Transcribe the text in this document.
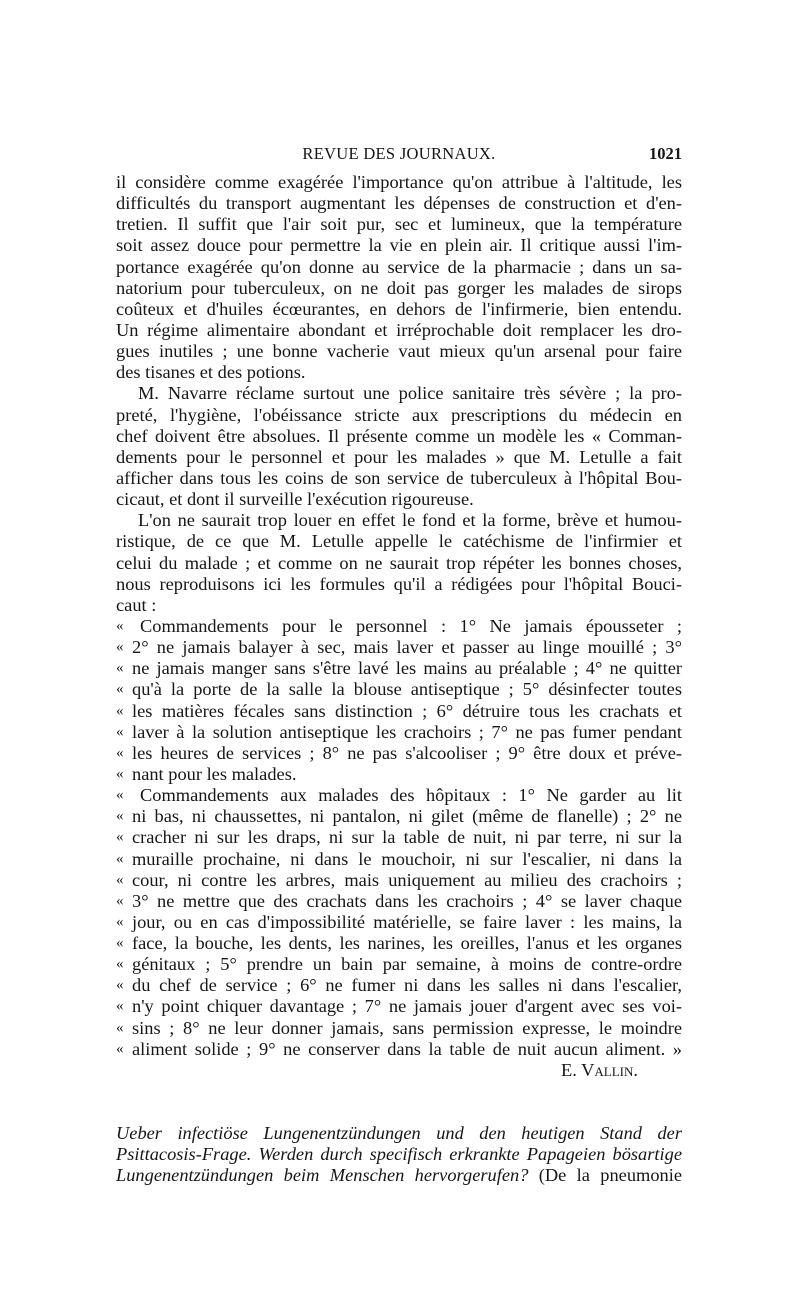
REVUE DES JOURNAUX.	1021
il considère comme exagérée l'importance qu'on attribue à l'altitude, les
difficultés du transport augmentant les dépenses de construction et d'en-
tretien. Il suffit que l'air soit pur, sec et lumineux, que la température
soit assez douce pour permettre la vie en plein air. Il critique aussi l'im-
portance exagérée qu'on donne au service de la pharmacie ; dans un sa-
natorium pour tuberculeux, on ne doit pas gorger les malades de sirops
coûteux et d'huiles écœurantes, en dehors de l'infirmerie, bien entendu.
Un régime alimentaire abondant et irréprochable doit remplacer les dro-
gues inutiles ; une bonne vacherie vaut mieux qu'un arsenal pour faire
des tisanes et des potions.
M. Navarre réclame surtout une police sanitaire très sévère ; la pro-
preté, l'hygiène, l'obéissance stricte aux prescriptions du médecin en
chef doivent être absolues. Il présente comme un modèle les « Comman-
dements pour le personnel et pour les malades » que M. Letulle a fait
afficher dans tous les coins de son service de tuberculeux à l'hôpital Bou-
cicaut, et dont il surveille l'exécution rigoureuse.
L'on ne saurait trop louer en effet le fond et la forme, brève et humou-
ristique, de ce que M. Letulle appelle le catéchisme de l'infirmier et
celui du malade ; et comme on ne saurait trop répéter les bonnes choses,
nous reproduisons ici les formules qu'il a rédigées pour l'hôpital Bouci-
caut :
« Commandements pour le personnel : 1° Ne jamais épousseter ;
« 2° ne jamais balayer à sec, mais laver et passer au linge mouillé ; 3°
« ne jamais manger sans s'être lavé les mains au préalable ; 4° ne quitter
« qu'à la porte de la salle la blouse antiseptique ; 5° désinfecter toutes
« les matières fécales sans distinction ; 6° détruire tous les crachats et
« laver à la solution antiseptique les crachoirs ; 7° ne pas fumer pendant
« les heures de services ; 8° ne pas s'alcooliser ; 9° être doux et préve-
« nant pour les malades.
« Commandements aux malades des hôpitaux : 1° Ne garder au lit
« ni bas, ni chaussettes, ni pantalon, ni gilet (même de flanelle) ; 2° ne
« cracher ni sur les draps, ni sur la table de nuit, ni par terre, ni sur la
« muraille prochaine, ni dans le mouchoir, ni sur l'escalier, ni dans la
« cour, ni contre les arbres, mais uniquement au milieu des crachoirs ;
« 3° ne mettre que des crachats dans les crachoirs ; 4° se laver chaque
« jour, ou en cas d'impossibilité matérielle, se faire laver : les mains, la
« face, la bouche, les dents, les narines, les oreilles, l'anus et les organes
« génitaux ; 5° prendre un bain par semaine, à moins de contre-ordre
« du chef de service ; 6° ne fumer ni dans les salles ni dans l'escalier,
« n'y point chiquer davantage ; 7° ne jamais jouer d'argent avec ses voi-
« sins ; 8° ne leur donner jamais, sans permission expresse, le moindre
« aliment solide ; 9° ne conserver dans la table de nuit aucun aliment. »
E. Vallin.
Ueber infectiöse Lungenentzündungen und den heutigen Stand der
Psittacosis-Frage. Werden durch specifisch erkrankte Papageien bösartige
Lungenentzündungen beim Menschen hervorgerufen? (De la pneumonie
